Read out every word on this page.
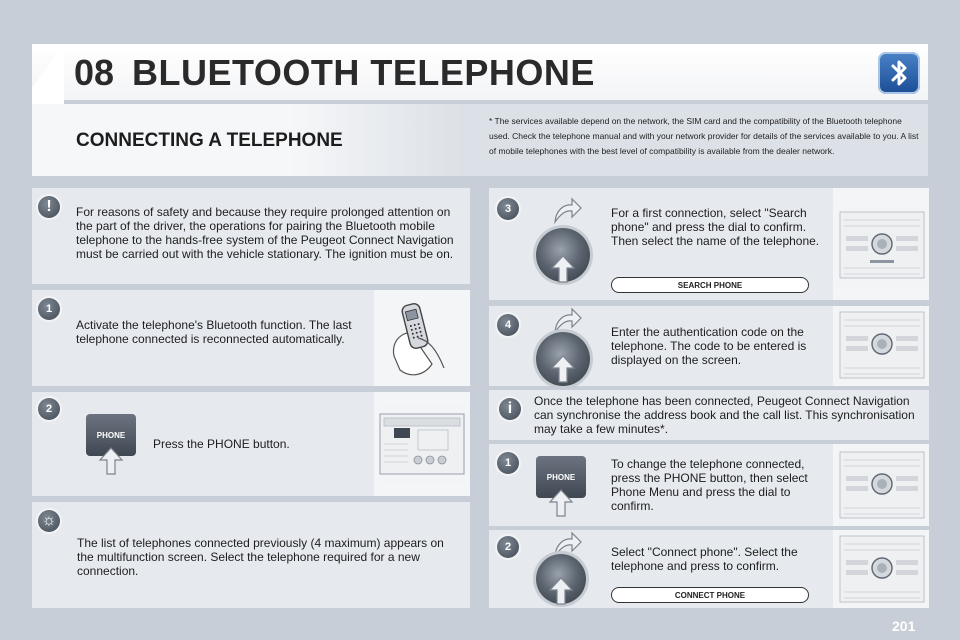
08 BLUETOOTH TELEPHONE
CONNECTING A TELEPHONE
* The services available depend on the network, the SIM card and the compatibility of the Bluetooth telephone used. Check the telephone manual and with your network provider for details of the services available to you. A list of mobile telephones with the best level of compatibility is available from the dealer network.
!	For reasons of safety and because they require prolonged attention on the part of the driver, the operations for pairing the Bluetooth mobile telephone to the hands-free system of the Peugeot Connect Navigation must be carried out with the vehicle stationary. The ignition must be on.
1
Activate the telephone's Bluetooth function. The last telephone connected is reconnected automatically.
2
PHONE
Press the PHONE button.
☼
The list of telephones connected previously (4 maximum) appears on the multifunction screen. Select the telephone required for a new connection.
3	For a first connection, select "Search phone" and press the dial to confirm. Then select the name of the telephone.
SEARCH PHONE
4	Enter the authentication code on the telephone. The code to be entered is displayed on the screen.
i	Once the telephone has been connected, Peugeot Connect Navigation can synchronise the address book and the call list. This synchronisation may take a few minutes*.
1
PHONE
To change the telephone connected, press the PHONE button, then select Phone Menu and press the dial to confirm.
2	Select "Connect phone". Select the telephone and press to confirm.
CONNECT PHONE
201
